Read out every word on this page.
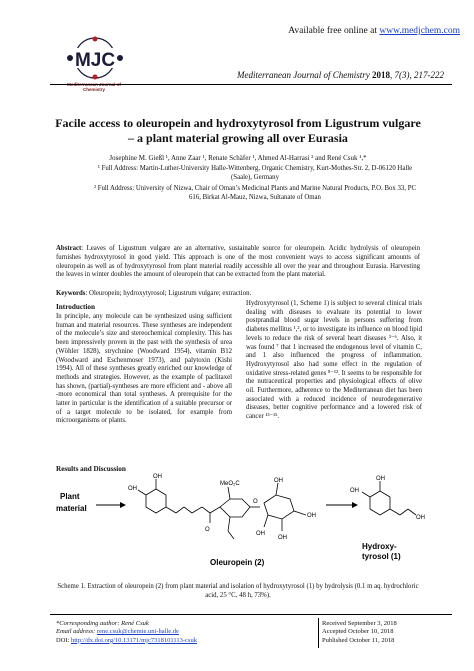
Available free online at www.medjchem.com
MJC
Chemistry
Mediterranean Journal of Chemistry 2018, 7(3), 217-222
Facile access to oleuropein and hydroxytyrosol from Ligustrum vulgare – a plant material growing all over Eurasia
Josephine M. Gießl ¹, Anne Zaar ¹, Renate Schäfer ¹, Ahmed Al-Harrasi ² and René Csuk ¹,*
¹ Full Address: Martin-Luther-University Halle-Wittenberg, Organic Chemistry, Kurt-Mothes-Str. 2, D-06120 Halle (Saale), Germany
² Full Address: University of Nizwa, Chair of Oman’s Medicinal Plants and Marine Natural Products, P.O. Box 33, PC 616, Birkat Al-Mauz, Nizwa, Sultanate of Oman
Abstract: Leaves of Ligustrum vulgare are an alternative, sustainable source for oleuropein. Acidic hydrolysis of oleuropein furnishes hydroxytyrosol in good yield. This approach is one of the most convenient ways to access significant amounts of oleuropein as well as of hydroxytyrosol from plant material readily accessible all over the year and throughout Eurasia. Harvesting the leaves in winter doubles the amount of oleuropein that can be extracted from the plant material.
Keywords: Oleuropein; hydroxytyrosol; Ligustrum vulgare; extraction.
Introduction
In principle, any molecule can be synthesized using sufficient human and material resources. These syntheses are independent of the molecule’s size and stereochemical complexity. This has been impressively proven in the past with the synthesis of urea (Wöhler 1828), strychnine (Woodward 1954), vitamin B12 (Woodward and Eschenmoser 1973), and palytoxin (Kishi 1994). All of these syntheses greatly enriched our knowledge of methods and strategies. However, as the example of paclitaxel has shown, (partial)-syntheses are more efficient and - above all -more economical than total syntheses. A prerequisite for the latter in particular is the identification of a suitable precursor or of a target molecule to be isolated, for example from microorganisms or plants.
Hydroxytyrosol (1, Scheme 1) is subject to several clinical trials dealing with diseases to evaluate its potential to lower postprandial blood sugar levels in persons suffering from diabetes mellitus ¹,², or to investigate its influence on blood lipid levels to reduce the risk of several heart diseases ³⁻⁶. Also, it was found ⁷ that 1 increased the endogenous level of vitamin C, and 1 also influenced the progress of inflammation. Hydroxytyrosol also had some effect in the regulation of oxidative stress-related genes ⁸⁻¹². It seems to be responsible for the nutraceutical properties and physiological effects of olive oil. Furthermore, adherence to the Mediterranean diet has been associated with a reduced incidence of neurodegenerative diseases, better cognitive performance and a lowered risk of cancer ¹³⁻¹⁵.
Results and Discussion
Plant
material
OH
OH
MeO₂C
O
OH
OH
OH
OH
O
Oleuropein (2)
OH
OH
OH
Hydroxy-
tyrosol (1)
Scheme 1. Extraction of oleuropein (2) from plant material and isolation of hydroxytyrosol (1) by hydrolysis (0.1 m aq. hydrochloric acid, 25 °C, 48 h, 73%).
*Corresponding author: René Csuk
Email address: rene.csuk@chemie.uni-halle.de
DOI: http://dx.doi.org/10.13171/mjc7318101113-csuk
Received September 3, 2018
Accepted October 10, 2018
Published October 11, 2018
